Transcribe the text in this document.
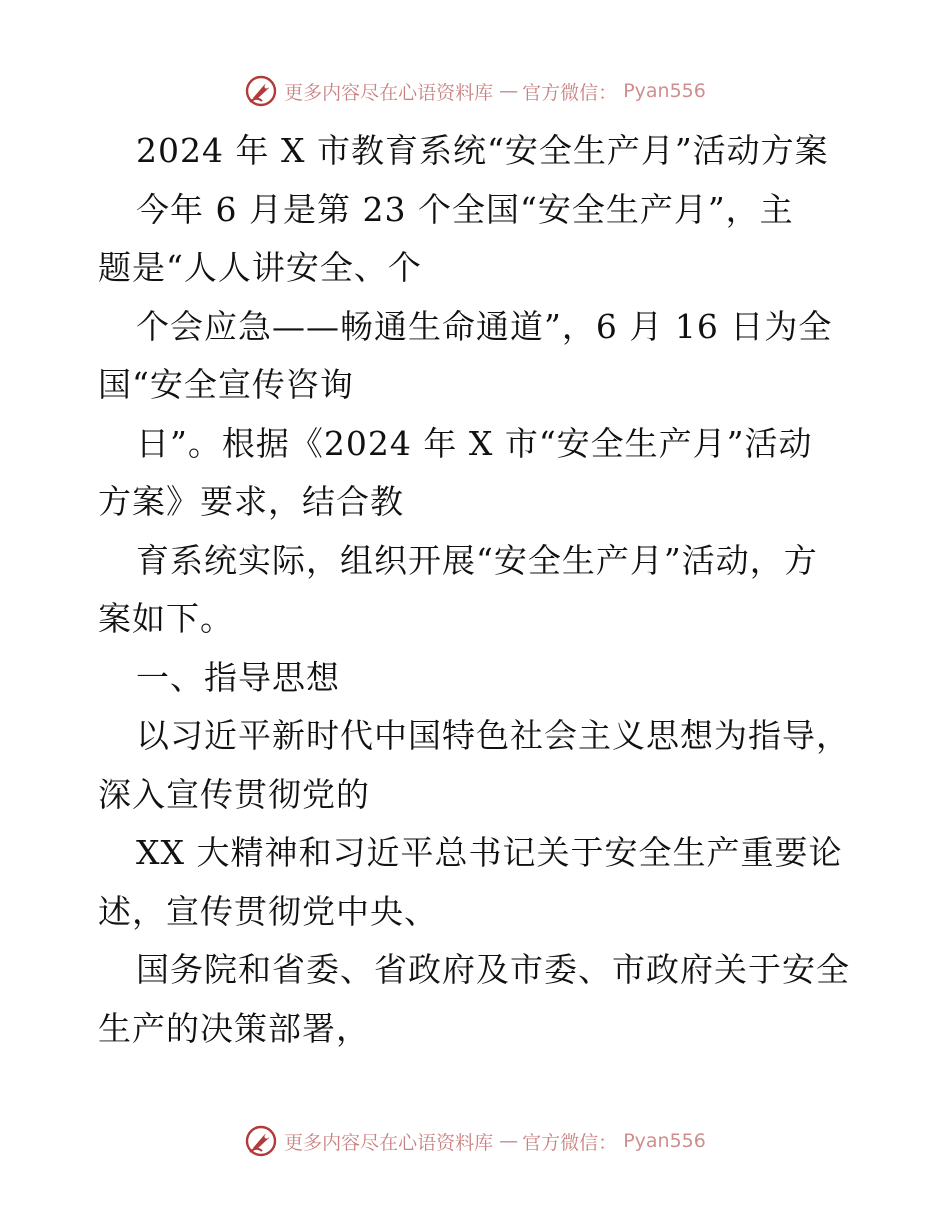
更多内容尽在心语资料库 — 官方微信： Pyan556
2024 年 X 市教育系统“安全生产月”活动方案
今年 6 月是第 23 个全国“安全生产月”，主
题是“人人讲安全、个
个会应急——畅通生命通道”，6 月 16 日为全
国“安全宣传咨询
日”。根据《2024 年 X 市“安全生产月”活动
方案》要求，结合教
育系统实际，组织开展“安全生产月”活动，方
案如下。
一、指导思想
以习近平新时代中国特色社会主义思想为指导，
深入宣传贯彻党的
XX 大精神和习近平总书记关于安全生产重要论
述，宣传贯彻党中央、
国务院和省委、省政府及市委、市政府关于安全
生产的决策部署，
更多内容尽在心语资料库 — 官方微信： Pyan556
